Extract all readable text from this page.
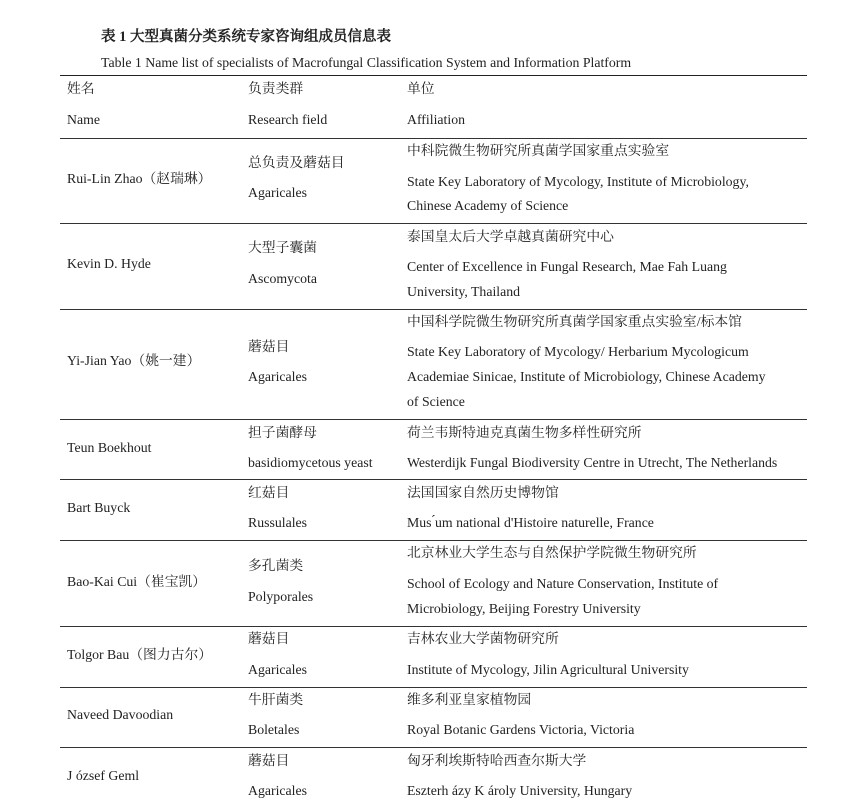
表 1 大型真菌分类系统专家咨询组成员信息表
Table 1 Name list of specialists of Macrofungal Classification System and Information Platform
姓名
Name
负责类群
Research field
单位
Affiliation
Rui-Lin Zhao（赵瑞琳）
总负责及蘑菇目
Agaricales
中科院微生物研究所真菌学国家重点实验室
State Key Laboratory of Mycology, Institute of Microbiology,
Chinese Academy of Science
Kevin D. Hyde
大型子囊菌
Ascomycota
泰国皇太后大学卓越真菌研究中心
Center of Excellence in Fungal Research, Mae Fah Luang
University, Thailand
Yi-Jian Yao（姚一建）
蘑菇目
Agaricales
中国科学院微生物研究所真菌学国家重点实验室/标本馆
State Key Laboratory of Mycology/ Herbarium Mycologicum
Academiae Sinicae, Institute of Microbiology, Chinese Academy
of Science
Teun Boekhout
担子菌酵母
basidiomycetous yeast
荷兰韦斯特迪克真菌生物多样性研究所
Westerdijk Fungal Biodiversity Centre in Utrecht, The Netherlands
Bart Buyck
红菇目
Russulales
法国国家自然历史博物馆
Mus ́um national d'Histoire naturelle, France
Bao-Kai Cui（崔宝凯）
多孔菌类
Polyporales
北京林业大学生态与自然保护学院微生物研究所
School of Ecology and Nature Conservation, Institute of
Microbiology, Beijing Forestry University
Tolgor Bau（图力古尔）
蘑菇目
Agaricales
吉林农业大学菌物研究所
Institute of Mycology, Jilin Agricultural University
Naveed Davoodian
牛肝菌类
Boletales
维多利亚皇家植物园
Royal Botanic Gardens Victoria, Victoria
J ózsef Geml
蘑菇目
Agaricales
匈牙利埃斯特哈西查尔斯大学
Eszterh ázy K ároly University, Hungary
